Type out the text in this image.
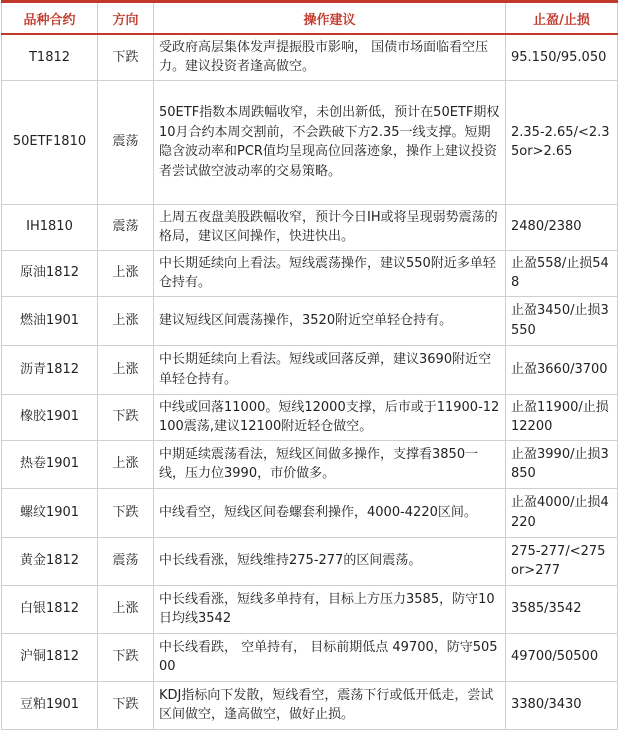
品种合约	方向	操作建议	止盈/止损
T1812	下跌	受政府高层集体发声提振股市影响， 国债市场面临看空压力。建议投资者逢高做空。	95.150/95.050
50ETF1810	震荡	50ETF指数本周跌幅收窄，未创出新低，预计在50ETF期权10月合约本周交割前，不会跌破下方2.35一线支撑。短期隐含波动率和PCR值均呈现高位回落迹象，操作上建议投资者尝试做空波动率的交易策略。	2.35-2.65/<2.35or>2.65
IH1810	震荡	上周五夜盘美股跌幅收窄，预计今日IH或将呈现弱势震荡的格局，建议区间操作，快进快出。	2480/2380
原油1812	上涨	中长期延续向上看法。短线震荡操作，建议550附近多单轻仓持有。	止盈558/止损548
燃油1901	上涨	建议短线区间震荡操作，3520附近空单轻仓持有。	止盈3450/止损3550
沥青1812	上涨	中长期延续向上看法。短线或回落反弹，建议3690附近空单轻仓持有。	止盈3660/3700
橡胶1901	下跌	中线或回落11000。短线12000支撑，后市或于11900-12100震荡,建议12100附近轻仓做空。	止盈11900/止损12200
热卷1901	上涨	中期延续震荡看法，短线区间做多操作，支撑看3850一线，压力位3990，市价做多。	止盈3990/止损3850
螺纹1901	下跌	中线看空，短线区间卷螺套利操作，4000-4220区间。	止盈4000/止损4220
黄金1812	震荡	中长线看涨，短线维持275-277的区间震荡。	275-277/<275or>277
白银1812	上涨	中长线看涨，短线多单持有，目标上方压力3585，防守10日均线3542	3585/3542
沪铜1812	下跌	中长线看跌， 空单持有， 目标前期低点 49700，防守50500	49700/50500
豆粕1901	下跌	KDJ指标向下发散，短线看空，震荡下行或低开低走，尝试区间做空，逢高做空，做好止损。	3380/3430
